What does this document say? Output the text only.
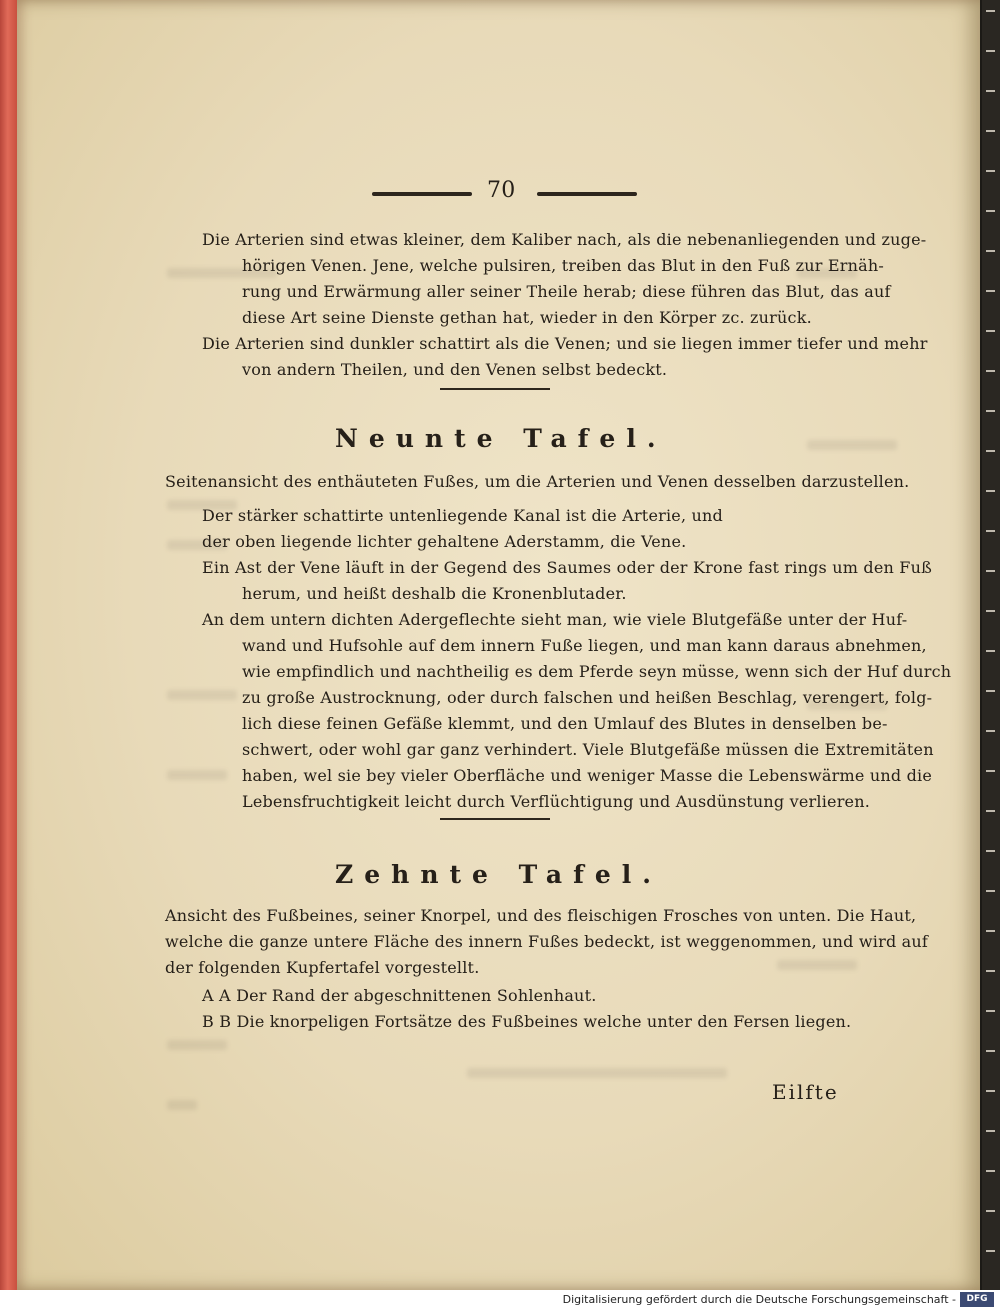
70
Die Arterien sind etwas kleiner, dem Kaliber nach, als die nebenanliegenden und zuge-
hörigen Venen. Jene, welche pulsiren, treiben das Blut in den Fuß zur Ernäh-
rung und Erwärmung aller seiner Theile herab; diese führen das Blut, das auf
diese Art seine Dienste gethan hat, wieder in den Körper zc. zurück.
Die Arterien sind dunkler schattirt als die Venen; und sie liegen immer tiefer und mehr
von andern Theilen, und den Venen selbst bedeckt.
Neunte Tafel.
Seitenansicht des enthäuteten Fußes, um die Arterien und Venen desselben darzustellen.
Der stärker schattirte untenliegende Kanal ist die Arterie, und
der oben liegende lichter gehaltene Aderstamm, die Vene.
Ein Ast der Vene läuft in der Gegend des Saumes oder der Krone fast rings um den Fuß
herum, und heißt deshalb die Kronenblutader.
An dem untern dichten Adergeflechte sieht man, wie viele Blutgefäße unter der Huf-
wand und Hufsohle auf dem innern Fuße liegen, und man kann daraus abnehmen,
wie empfindlich und nachtheilig es dem Pferde seyn müsse, wenn sich der Huf durch
zu große Austrocknung, oder durch falschen und heißen Beschlag, verengert, folg-
lich diese feinen Gefäße klemmt, und den Umlauf des Blutes in denselben be-
schwert, oder wohl gar ganz verhindert. Viele Blutgefäße müssen die Extremitäten
haben, wel sie bey vieler Oberfläche und weniger Masse die Lebenswärme und die
Lebensfruchtigkeit leicht durch Verflüchtigung und Ausdünstung verlieren.
Zehnte Tafel.
Ansicht des Fußbeines, seiner Knorpel, und des fleischigen Frosches von unten. Die Haut,
welche die ganze untere Fläche des innern Fußes bedeckt, ist weggenommen, und wird auf
der folgenden Kupfertafel vorgestellt.
A A Der Rand der abgeschnittenen Sohlenhaut.
B B Die knorpeligen Fortsätze des Fußbeines welche unter den Fersen liegen.
Eilfte
Digitalisierung gefördert durch die Deutsche Forschungsgemeinschaft -	DFG
